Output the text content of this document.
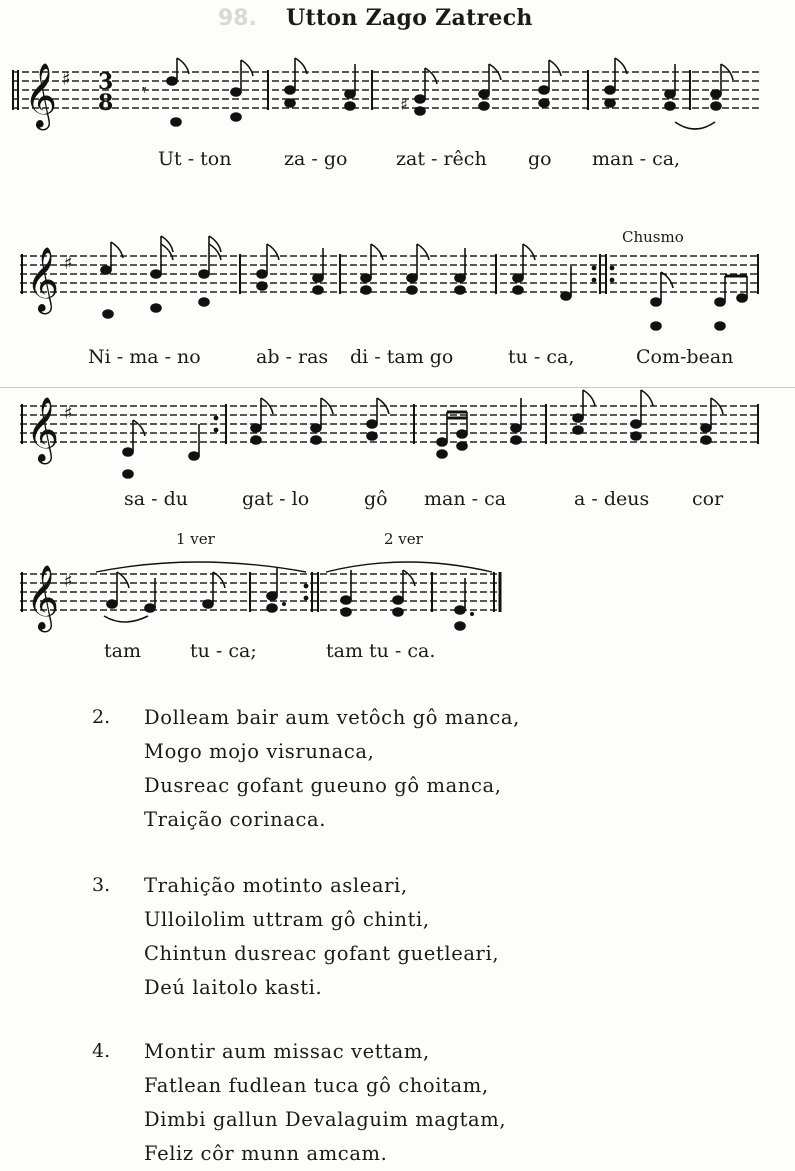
98. Utton Zago Zatrech
𝄞 ♯ 3
8 𝄾
♯
Ut - ton	za - go	zat - rêch go man - ca,
Chusmo
𝄞 ♯
Ni - ma - no	ab - ras di - tam go	tu - ca,	Com-bean
𝄞 ♯
sa - du	gat - lo	gô man - ca	a - deus cor
1 ver	2 ver
𝄞 ♯
tam	tu - ca;	tam tu - ca.
2.	Dolleam bair aum vetôch gô manca,
Mogo mojo visrunaca,
Dusreac gofant gueuno gô manca,
Traição corinaca.
3.	Trahição motinto asleari,
Ulloilolim uttram gô chinti,
Chintun dusreac gofant guetleari,
Deú laitolo kasti.
4.	Montir aum missac vettam,
Fatlean fudlean tuca gô choitam,
Dimbi gallun Devalaguim magtam,
Feliz côr munn amcam.
